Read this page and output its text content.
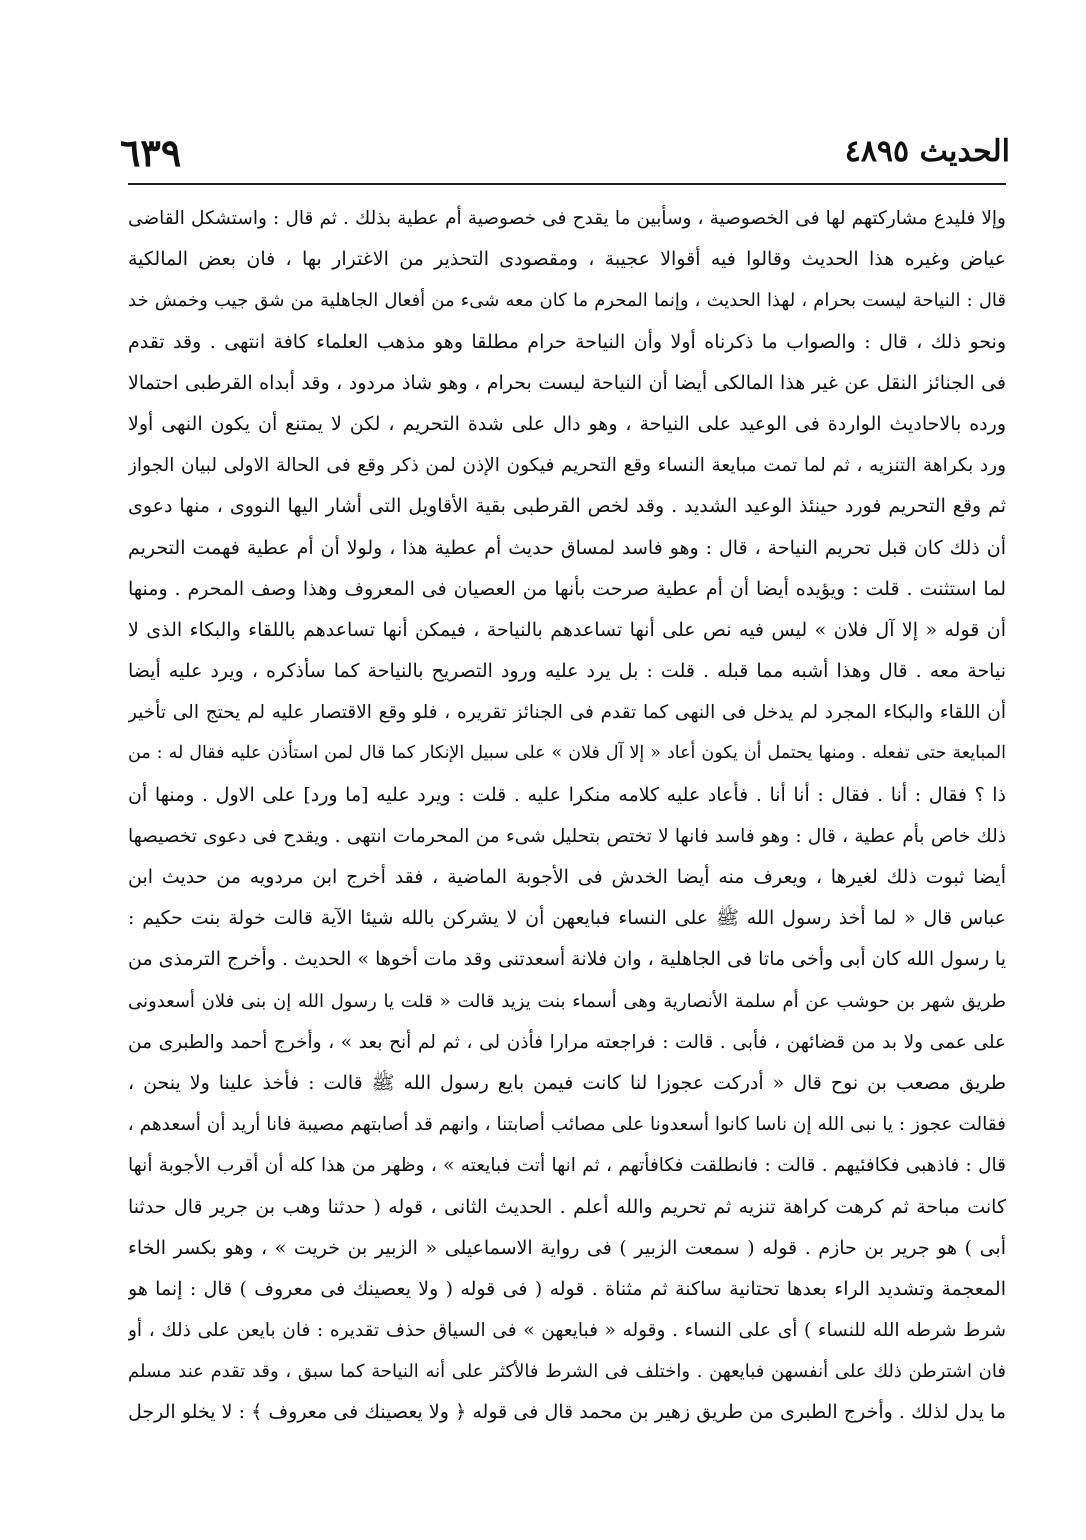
الحديث ٤٨٩٥
٦٣٩
وإلا فليدع مشاركتهم لها فى الخصوصية ، وسأبين ما يقدح فى خصوصية أم عطية بذلك . ثم قال : واستشكل القاضى
عياض وغيره هذا الحديث وقالوا فيه أقوالا عجيبة ، ومقصودى التحذير من الاغترار بها ، فان بعض المالكية
قال : النياحة ليست بحرام ، لهذا الحديث ، وإنما المحرم ما كان معه شىء من أفعال الجاهلية من شق جيب وخمش خد
ونحو ذلك ، قال : والصواب ما ذكرناه أولا وأن النياحة حرام مطلقا وهو مذهب العلماء كافة انتهى . وقد تقدم
فى الجنائز النقل عن غير هذا المالكى أيضا أن النياحة ليست بحرام ، وهو شاذ مردود ، وقد أبداه القرطبى احتمالا
ورده بالاحاديث الواردة فى الوعيد على النياحة ، وهو دال على شدة التحريم ، لكن لا يمتنع أن يكون النهى أولا
ورد بكراهة التنزيه ، ثم لما تمت مبايعة النساء وقع التحريم فيكون الإذن لمن ذكر وقع فى الحالة الاولى لبيان الجواز
ثم وقع التحريم فورد حينئذ الوعيد الشديد . وقد لخص القرطبى بقية الأقاويل التى أشار اليها النووى ، منها دعوى
أن ذلك كان قبل تحريم النياحة ، قال : وهو فاسد لمساق حديث أم عطية هذا ، ولولا أن أم عطية فهمت التحريم
لما استثنت . قلت : ويؤيده أيضا أن أم عطية صرحت بأنها من العصيان فى المعروف وهذا وصف المحرم . ومنها
أن قوله « إلا آل فلان » ليس فيه نص على أنها تساعدهم بالنياحة ، فيمكن أنها تساعدهم باللقاء والبكاء الذى لا
نياحة معه . قال وهذا أشبه مما قبله . قلت : بل يرد عليه ورود التصريح بالنياحة كما سأذكره ، ويرد عليه أيضا
أن اللقاء والبكاء المجرد لم يدخل فى النهى كما تقدم فى الجنائز تقريره ، فلو وقع الاقتصار عليه لم يحتج الى تأخير
المبايعة حتى تفعله . ومنها يحتمل أن يكون أعاد « إلا آل فلان » على سبيل الإنكار كما قال لمن استأذن عليه فقال له : من
ذا ؟ فقال : أنا . فقال : أنا أنا . فأعاد عليه كلامه منكرا عليه . قلت : ويرد عليه [ما ورد] على الاول . ومنها أن
ذلك خاص بأم عطية ، قال : وهو فاسد فانها لا تختص بتحليل شىء من المحرمات انتهى . ويقدح فى دعوى تخصيصها
أيضا ثبوت ذلك لغيرها ، ويعرف منه أيضا الخدش فى الأجوبة الماضية ، فقد أخرج ابن مردويه من حديث ابن
عباس قال « لما أخذ رسول الله ﷺ على النساء فبايعهن أن لا يشركن بالله شيئا الآية قالت خولة بنت حكيم :
يا رسول الله كان أبى وأخى ماتا فى الجاهلية ، وان فلانة أسعدتنى وقد مات أخوها » الحديث . وأخرج الترمذى من
طريق شهر بن حوشب عن أم سلمة الأنصارية وهى أسماء بنت يزيد قالت « قلت يا رسول الله إن بنى فلان أسعدونى
على عمى ولا بد من قضائهن ، فأبى . قالت : فراجعته مرارا فأذن لى ، ثم لم أنح بعد » ، وأخرج أحمد والطبرى من
طريق مصعب بن نوح قال « أدركت عجوزا لنا كانت فيمن بايع رسول الله ﷺ قالت : فأخذ علينا ولا ينحن ،
فقالت عجوز : يا نبى الله إن ناسا كانوا أسعدونا على مصائب أصابتنا ، وانهم قد أصابتهم مصيبة فانا أريد أن أسعدهم ،
قال : فاذهبى فكافئيهم . قالت : فانطلقت فكافأتهم ، ثم انها أتت فبايعته » ، وظهر من هذا كله أن أقرب الأجوبة أنها
كانت مباحة ثم كرهت كراهة تنزيه ثم تحريم والله أعلم . الحديث الثانى ، قوله ( حدثنا وهب بن جرير قال حدثنا
أبى ) هو جرير بن حازم . قوله ( سمعت الزبير ) فى رواية الاسماعيلى « الزبير بن خريت » ، وهو بكسر الخاء
المعجمة وتشديد الراء بعدها تحتانية ساكنة ثم مثناة . قوله ( فى قوله ( ولا يعصينك فى معروف ) قال : إنما هو
شرط شرطه الله للنساء ) أى على النساء . وقوله « فبايعهن » فى السياق حذف تقديره : فان بايعن على ذلك ، أو
فان اشترطن ذلك على أنفسهن فبايعهن . واختلف فى الشرط فالأكثر على أنه النياحة كما سبق ، وقد تقدم عند مسلم
ما يدل لذلك . وأخرج الطبرى من طريق زهير بن محمد قال فى قوله ﴿ ولا يعصينك فى معروف ﴾ : لا يخلو الرجل
